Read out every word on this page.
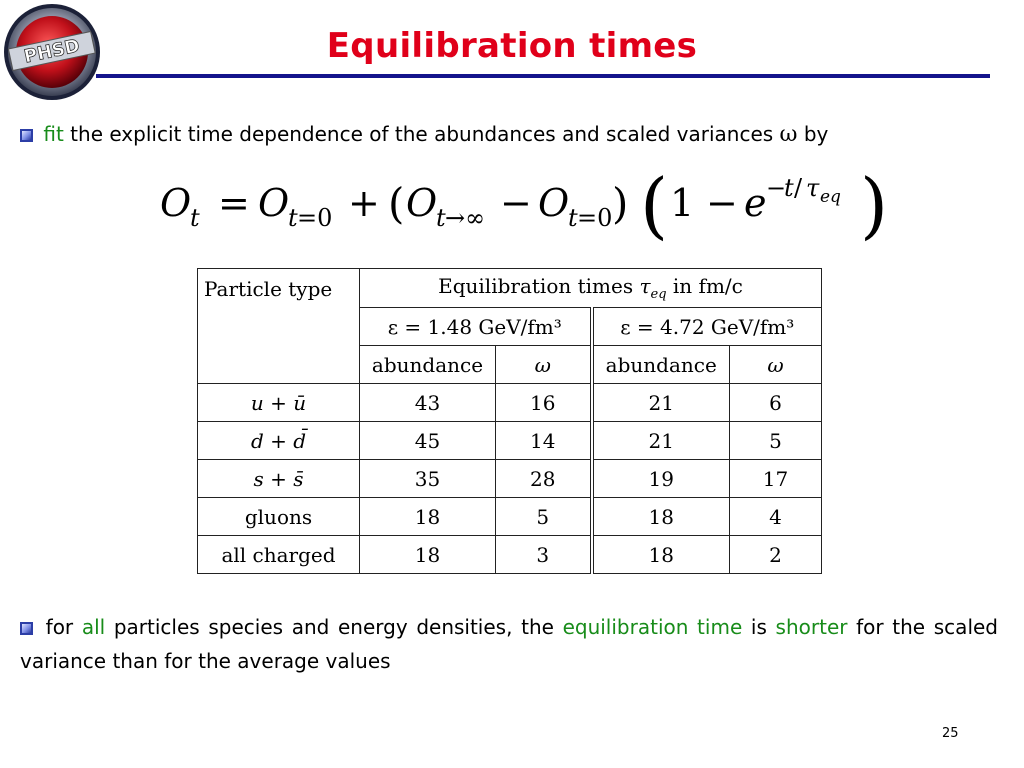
PHSD	Equilibration times
fit the explicit time dependence of the abundances and scaled variances ω by
O
t = O
t =0 + ( O
t →∞ − O
t =0 ) ( 1 − e −
t / τ eq )
Particle type	Equilibration times $\tau_{eq}$ in fm/c			
	ε = 1.48 GeV/fm³		ε = 4.72 GeV/fm³	
	abundance	ω	abundance	ω
u + ū	43	16	21	6
d + d̄	45	14	21	5
s + s̄	35	28	19	17
gluons	18	5	18	4
all charged	18	3	18	2
for all particles species and energy densities, the equilibration time is shorter for the scaled variance than for the average values
25
